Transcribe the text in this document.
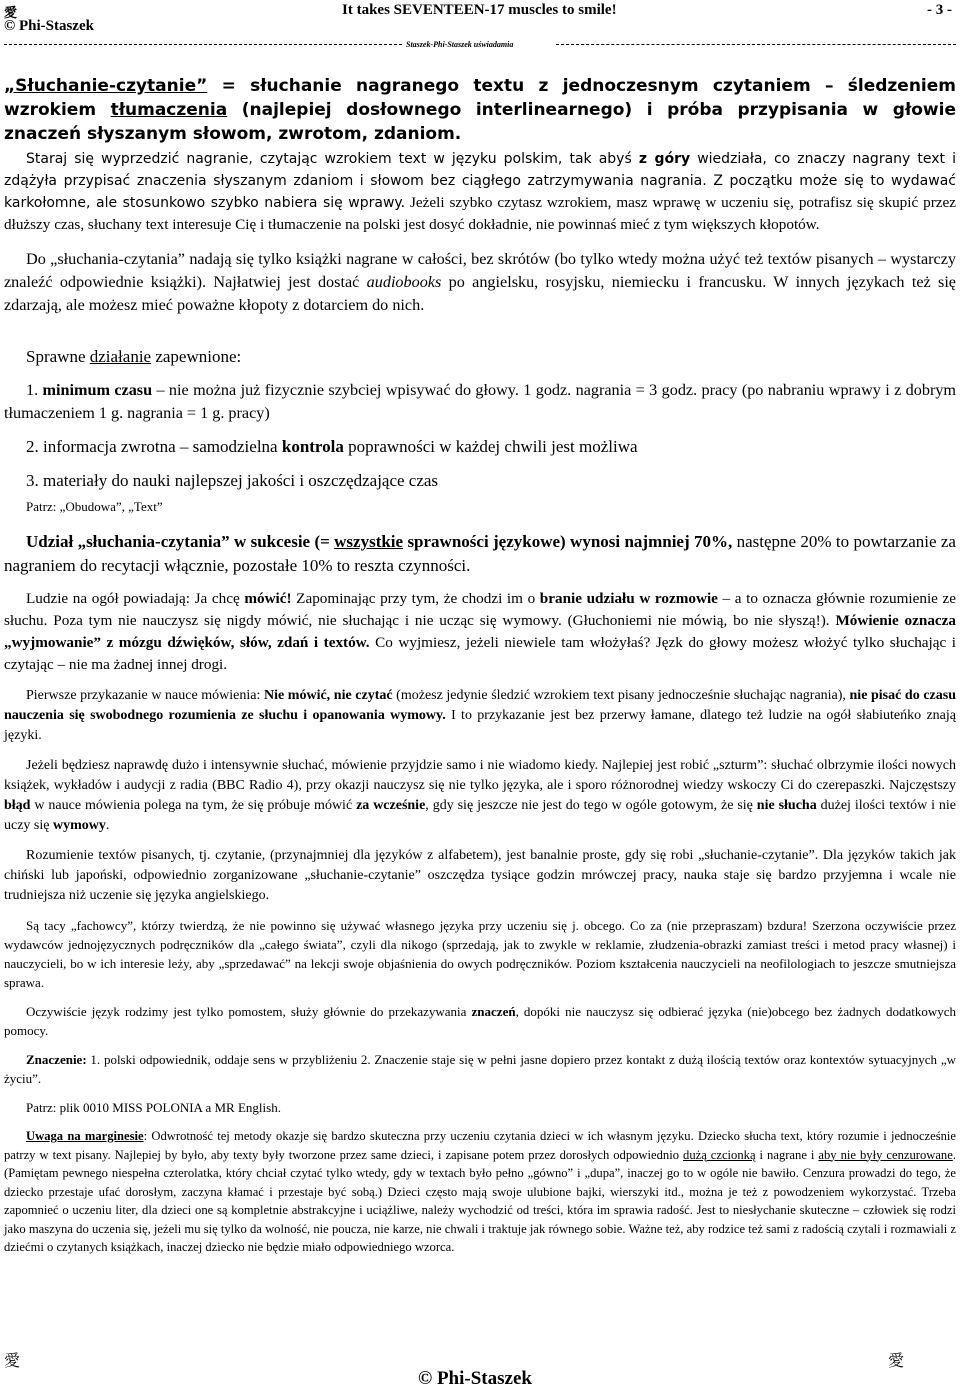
愛
© Phi-Staszek
It takes SEVENTEEN-17 muscles to smile!	- 3 -
Staszek-Phi-Staszek uświadamia

„Słuchanie-czytanie” = słuchanie nagranego textu z jednoczesnym czytaniem – śledzeniem wzrokiem tłumaczenia (najlepiej dosłownego interlinearnego) i próba przypisania w głowie znaczeń słyszanym słowom, zwrotom, zdaniom.

Staraj się wyprzedzić nagranie, czytając wzrokiem text w języku polskim, tak abyś z góry wiedziała, co znaczy nagrany text i zdążyła przypisać znaczenia słyszanym zdaniom i słowom bez ciągłego zatrzymywania nagrania. Z początku może się to wydawać karkołomne, ale stosunkowo szybko nabiera się wprawy. Jeżeli szybko czytasz wzrokiem, masz wprawę w uczeniu się, potrafisz się skupić przez dłuższy czas, słuchany text interesuje Cię i tłumaczenie na polski jest dosyć dokładnie, nie powinnaś mieć z tym większych kłopotów.

Do „słuchania-czytania” nadają się tylko książki nagrane w całości, bez skrótów (bo tylko wtedy można użyć też textów pisanych – wystarczy znaleźć odpowiednie książki). Najłatwiej jest dostać audiobooks po angielsku, rosyjsku, niemiecku i francusku. W innych językach też się zdarzają, ale możesz mieć poważne kłopoty z dotarciem do nich.

Sprawne działanie zapewnione:

1. minimum czasu – nie można już fizycznie szybciej wpisywać do głowy. 1 godz. nagrania = 3 godz. pracy (po nabraniu wprawy i z dobrym tłumaczeniem 1 g. nagrania = 1 g. pracy)

2. informacja zwrotna – samodzielna kontrola poprawności w każdej chwili jest możliwa

3. materiały do nauki najlepszej jakości i oszczędzające czas

Patrz: „Obudowa”, „Text”

Udział „słuchania-czytania” w sukcesie (= wszystkie sprawności językowe) wynosi najmniej 70%, następne 20% to powtarzanie za nagraniem do recytacji włącznie, pozostałe 10% to reszta czynności.

Ludzie na ogół powiadają: Ja chcę mówić! Zapominając przy tym, że chodzi im o branie udziału w rozmowie – a to oznacza głównie rozumienie ze słuchu. Poza tym nie nauczysz się nigdy mówić, nie słuchając i nie ucząc się wymowy. (Głuchoniemi nie mówią, bo nie słyszą!). Mówienie oznacza „wyjmowanie” z mózgu dźwięków, słów, zdań i textów. Co wyjmiesz, jeżeli niewiele tam włożyłaś? Jęzk do głowy możesz włożyć tylko słuchając i czytając – nie ma żadnej innej drogi.

Pierwsze przykazanie w nauce mówienia: Nie mówić, nie czytać (możesz jedynie śledzić wzrokiem text pisany jednocześnie słuchając nagrania), nie pisać do czasu nauczenia się swobodnego rozumienia ze słuchu i opanowania wymowy. I to przykazanie jest bez przerwy łamane, dlatego też ludzie na ogół słabiuteńko znają języki.

Jeżeli będziesz naprawdę dużo i intensywnie słuchać, mówienie przyjdzie samo i nie wiadomo kiedy. Najlepiej jest robić „szturm”: słuchać olbrzymie ilości nowych książek, wykładów i audycji z radia (BBC Radio 4), przy okazji nauczysz się nie tylko języka, ale i sporo różnorodnej wiedzy wskoczy Ci do czerepaszki. Najczęstszy błąd w nauce mówienia polega na tym, że się próbuje mówić za wcześnie, gdy się jeszcze nie jest do tego w ogóle gotowym, że się nie słucha dużej ilości textów i nie uczy się wymowy.

Rozumienie textów pisanych, tj. czytanie, (przynajmniej dla języków z alfabetem), jest banalnie proste, gdy się robi „słuchanie-czytanie”. Dla języków takich jak chiński lub japoński, odpowiednio zorganizowane „słuchanie-czytanie” oszczędza tysiące godzin mrówczej pracy, nauka staje się bardzo przyjemna i wcale nie trudniejsza niż uczenie się języka angielskiego.

Są tacy „fachowcy”, którzy twierdzą, że nie powinno się używać własnego języka przy uczeniu się j. obcego. Co za (nie przepraszam) bzdura! Szerzona oczywiście przez wydawców jednojęzycznych podręczników dla „całego świata”, czyli dla nikogo (sprzedają, jak to zwykle w reklamie, złudzenia-obrazki zamiast treści i metod pracy własnej) i nauczycieli, bo w ich interesie leży, aby „sprzedawać” na lekcji swoje objaśnienia do owych podręczników. Poziom kształcenia nauczycieli na neofilologiach to jeszcze smutniejsza sprawa.

Oczywiście język rodzimy jest tylko pomostem, służy głównie do przekazywania znaczeń, dopóki nie nauczysz się odbierać języka (nie)obcego bez żadnych dodatkowych pomocy.

Znaczenie: 1. polski odpowiednik, oddaje sens w przybliżeniu 2. Znaczenie staje się w pełni jasne dopiero przez kontakt z dużą ilością textów oraz kontextów sytuacyjnych „w życiu”.

Patrz: plik 0010 MISS POLONIA a MR English.

Uwaga na marginesie: Odwrotność tej metody okazje się bardzo skuteczna przy uczeniu czytania dzieci w ich własnym języku. Dziecko słucha text, który rozumie i jednocześnie patrzy w text pisany. Najlepiej by było, aby texty były tworzone przez same dzieci, i zapisane potem przez dorosłych odpowiednio dużą czcionką i nagrane i aby nie były cenzurowane. (Pamiętam pewnego niespełna czterolatka, który chciał czytać tylko wtedy, gdy w textach było pełno „gówno” i „dupa”, inaczej go to w ogóle nie bawiło. Cenzura prowadzi do tego, że dziecko przestaje ufać dorosłym, zaczyna kłamać i przestaje być sobą.) Dzieci często mają swoje ulubione bajki, wierszyki itd., można je też z powodzeniem wykorzystać. Trzeba zapomnieć o uczeniu liter, dla dzieci one są kompletnie abstrakcyjne i uciążliwe, należy wychodzić od treści, która im sprawia radość. Jest to niesłychanie skuteczne – człowiek się rodzi jako maszyna do uczenia się, jeżeli mu się tylko da wolność, nie poucza, nie karze, nie chwali i traktuje jak równego sobie. Ważne też, aby rodzice też sami z radością czytali i rozmawiali z dziećmi o czytanych książkach, inaczej dziecko nie będzie miało odpowiedniego wzorca.

愛	愛
© Phi-Staszek
